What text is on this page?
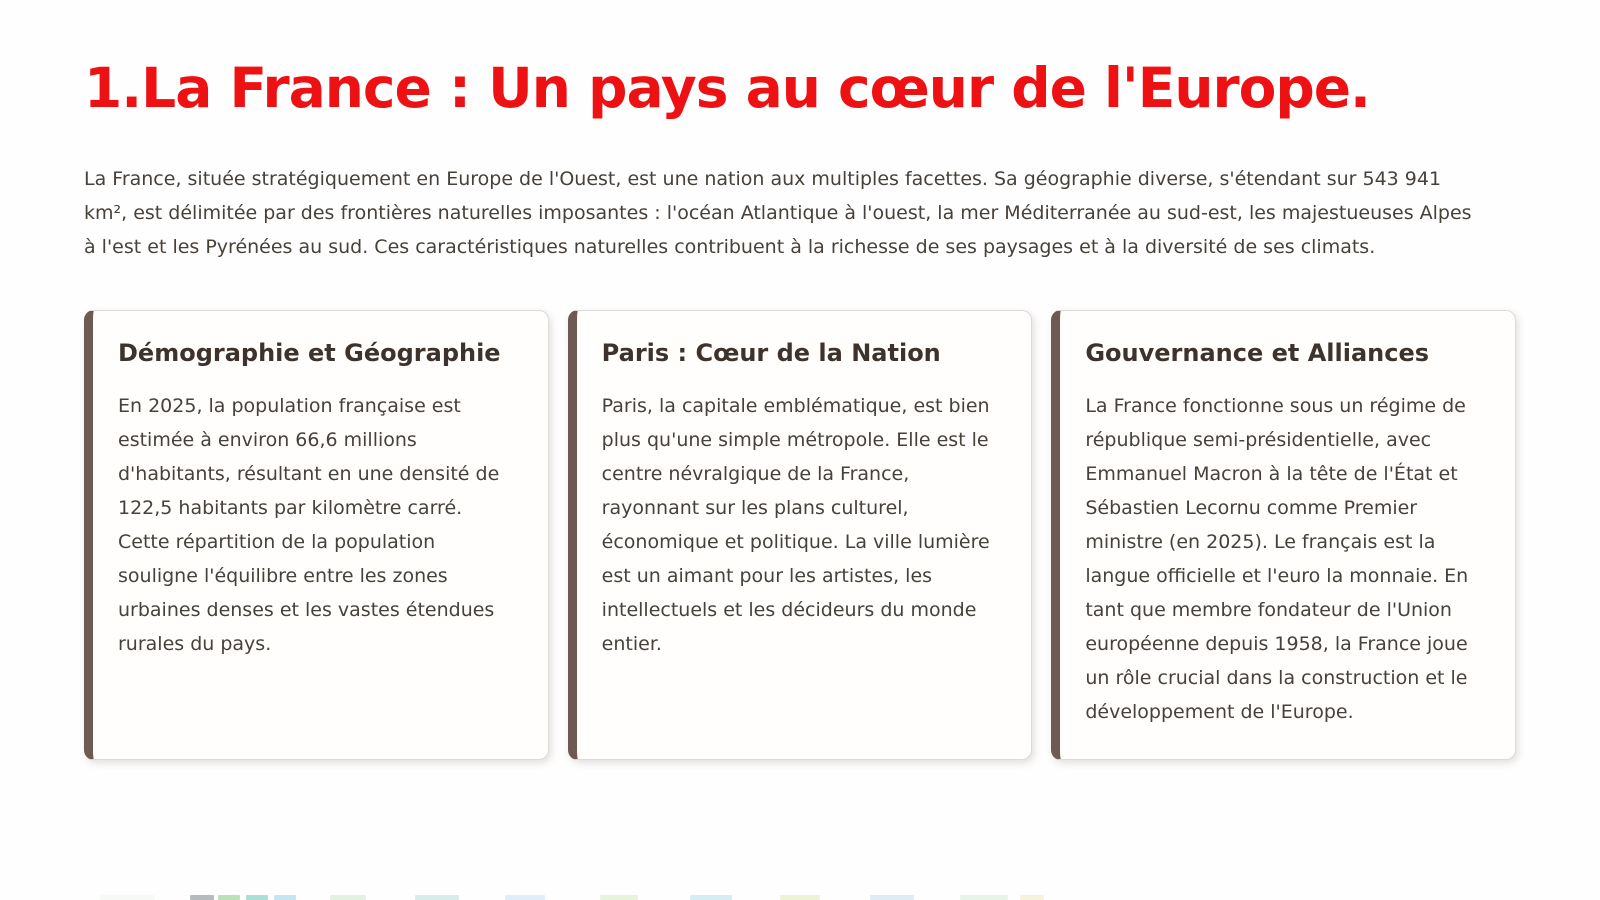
1.La France : Un pays au cœur de l'Europe.

La France, située stratégiquement en Europe de l'Ouest, est une nation aux multiples facettes. Sa géographie diverse, s'étendant sur 543 941 km², est délimitée par des frontières naturelles imposantes : l'océan Atlantique à l'ouest, la mer Méditerranée au sud-est, les majestueuses Alpes à l'est et les Pyrénées au sud. Ces caractéristiques naturelles contribuent à la richesse de ses paysages et à la diversité de ses climats.

Démographie et Géographie

En 2025, la population française est estimée à environ 66,6 millions d'habitants, résultant en une densité de 122,5 habitants par kilomètre carré. Cette répartition de la population souligne l'équilibre entre les zones urbaines denses et les vastes étendues rurales du pays.

Paris : Cœur de la Nation

Paris, la capitale emblématique, est bien plus qu'une simple métropole. Elle est le centre névralgique de la France, rayonnant sur les plans culturel, économique et politique. La ville lumière est un aimant pour les artistes, les intellectuels et les décideurs du monde entier.

Gouvernance et Alliances

La France fonctionne sous un régime de république semi-présidentielle, avec Emmanuel Macron à la tête de l'État et Sébastien Lecornu comme Premier ministre (en 2025). Le français est la langue officielle et l'euro la monnaie. En tant que membre fondateur de l'Union européenne depuis 1958, la France joue un rôle crucial dans la construction et le développement de l'Europe.
